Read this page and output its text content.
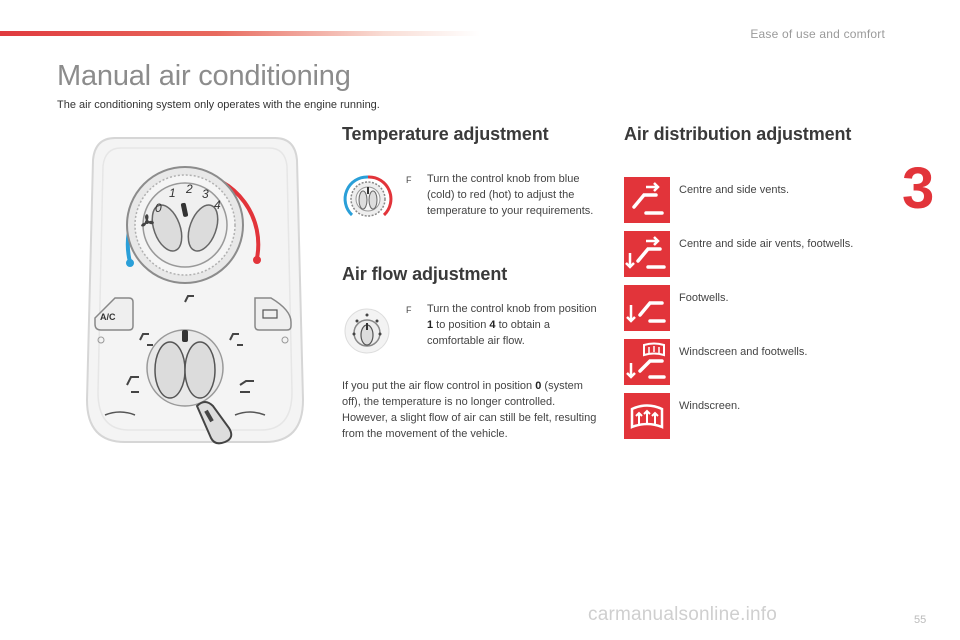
Ease of use and comfort
3
Manual air conditioning
The air conditioning system only operates with the engine running.
0
1 2 3
4
A/C
Temperature adjustment
F Turn the control knob from blue (cold) to red (hot) to adjust the temperature to your requirements.
Air flow adjustment
F Turn the control knob from position 1 to position 4 to obtain a comfortable air flow.
If you put the air flow control in position 0 (system off), the temperature is no longer controlled. However, a slight flow of air can still be felt, resulting from the movement of the vehicle.
Air distribution adjustment
Centre and side vents.
Centre and side air vents, footwells.
Footwells.
Windscreen and footwells.
Windscreen.
carmanualsonline.info	55
